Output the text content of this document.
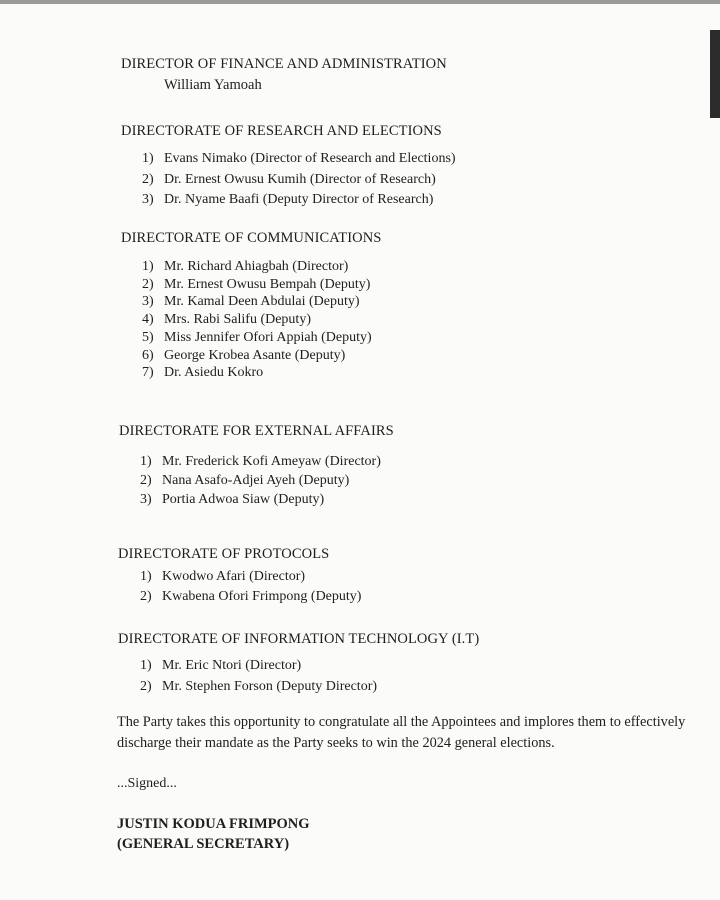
DIRECTOR OF FINANCE AND ADMINISTRATION
William Yamoah
DIRECTORATE OF RESEARCH AND ELECTIONS
1) Evans Nimako (Director of Research and Elections)
2) Dr. Ernest Owusu Kumih (Director of Research)
3) Dr. Nyame Baafi (Deputy Director of Research)
DIRECTORATE OF COMMUNICATIONS
1) Mr. Richard Ahiagbah (Director)
2) Mr. Ernest Owusu Bempah (Deputy)
3) Mr. Kamal Deen Abdulai (Deputy)
4) Mrs. Rabi Salifu (Deputy)
5) Miss Jennifer Ofori Appiah (Deputy)
6) George Krobea Asante (Deputy)
7) Dr. Asiedu Kokro
DIRECTORATE FOR EXTERNAL AFFAIRS
1) Mr. Frederick Kofi Ameyaw (Director)
2) Nana Asafo-Adjei Ayeh (Deputy)
3) Portia Adwoa Siaw (Deputy)
DIRECTORATE OF PROTOCOLS
1) Kwodwo Afari (Director)
2) Kwabena Ofori Frimpong (Deputy)
DIRECTORATE OF INFORMATION TECHNOLOGY (I.T)
1) Mr. Eric Ntori (Director)
2) Mr. Stephen Forson (Deputy Director)
The Party takes this opportunity to congratulate all the Appointees and implores them to effectively discharge their mandate as the Party seeks to win the 2024 general elections.
...Signed...
JUSTIN KODUA FRIMPONG
(GENERAL SECRETARY)
